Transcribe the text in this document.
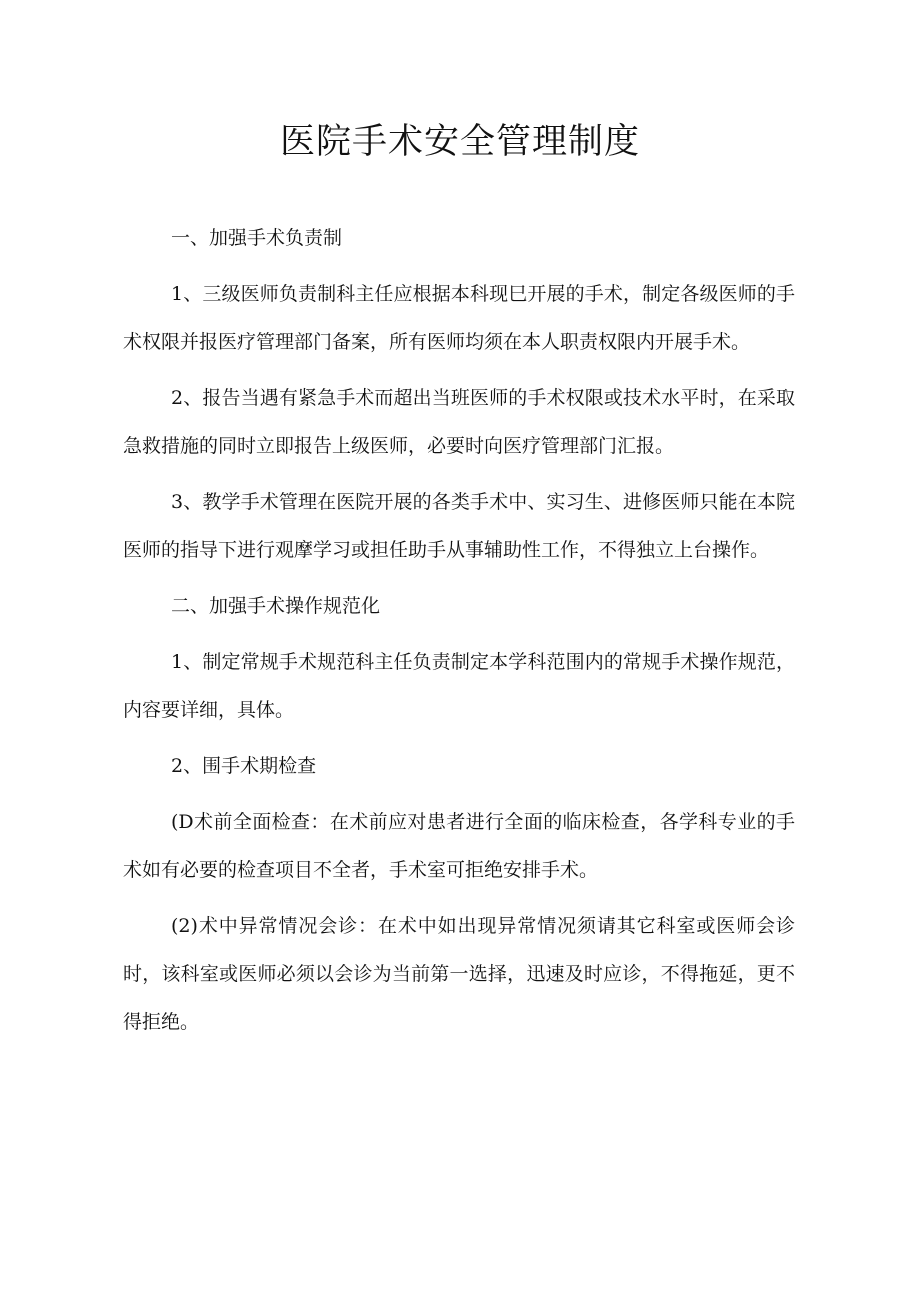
医院手术安全管理制度

一、加强手术负责制

1、三级医师负责制科主任应根据本科现巳开展的手术，制定各级医师的手术权限并报医疗管理部门备案，所有医师均须在本人职责权限内开展手术。

2、报告当遇有紧急手术而超出当班医师的手术权限或技术水平时，在采取急救措施的同时立即报告上级医师，必要时向医疗管理部门汇报。

3、教学手术管理在医院开展的各类手术中、实习生、进修医师只能在本院医师的指导下进行观摩学习或担任助手从事辅助性工作，不得独立上台操作。

二、加强手术操作规范化

1、制定常规手术规范科主任负责制定本学科范围内的常规手术操作规范，内容要详细，具体。

2、围手术期检查

(D术前全面检查：在术前应对患者进行全面的临床检查，各学科专业的手术如有必要的检查项目不全者，手术室可拒绝安排手术。

(2)术中异常情况会诊：在术中如出现异常情况须请其它科室或医师会诊时，该科室或医师必须以会诊为当前第一选择，迅速及时应诊，不得拖延，更不得拒绝。
